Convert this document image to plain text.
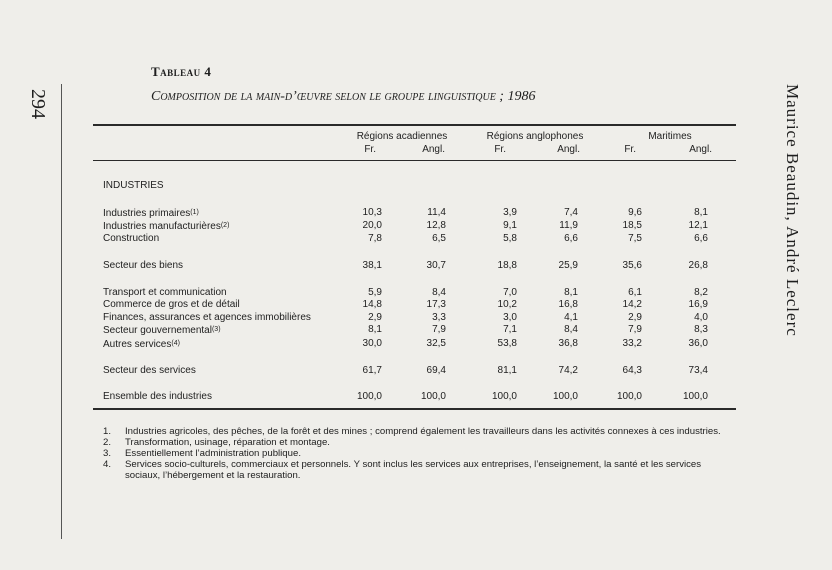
294	Maurice Beaudin, André Leclerc
Tableau 4
Composition de la main-d’œuvre selon le groupe linguistique ; 1986
Régions acadiennes	Régions anglophones	Maritimes
Fr.	Angl.	Fr.	Angl.	Fr.	Angl.
INDUSTRIES
Industries primaires$^{(1)}$	10,3	11,4	3,9	7,4	9,6	8,1
Industries manufacturières$^{(2)}$	20,0	12,8	9,1	11,9	18,5	12,1
Construction	7,8	6,5	5,8	6,6	7,5	6,6
Secteur des biens	38,1	30,7	18,8	25,9	35,6	26,8
Transport et communication	5,9	8,4	7,0	8,1	6,1	8,2
Commerce de gros et de détail	14,8	17,3	10,2	16,8	14,2	16,9
Finances, assurances et agences immobilières	2,9	3,3	3,0	4,1	2,9	4,0
Secteur gouvernemental$^{(3)}$	8,1	7,9	7,1	8,4	7,9	8,3
Autres services$^{(4)}$	30,0	32,5	53,8	36,8	33,2	36,0
Secteur des services	61,7	69,4	81,1	74,2	64,3	73,4
Ensemble des industries	100,0	100,0	100,0	100,0	100,0	100,0
1. Industries agricoles, des pêches, de la forêt et des mines ; comprend également les travailleurs dans les activités connexes à ces industries.
2. Transformation, usinage, réparation et montage.
3. Essentiellement l’administration publique.
4. Services socio-culturels, commerciaux et personnels. Y sont inclus les services aux entreprises, l’enseignement, la santé et les services sociaux, l’hébergement et la restauration.
